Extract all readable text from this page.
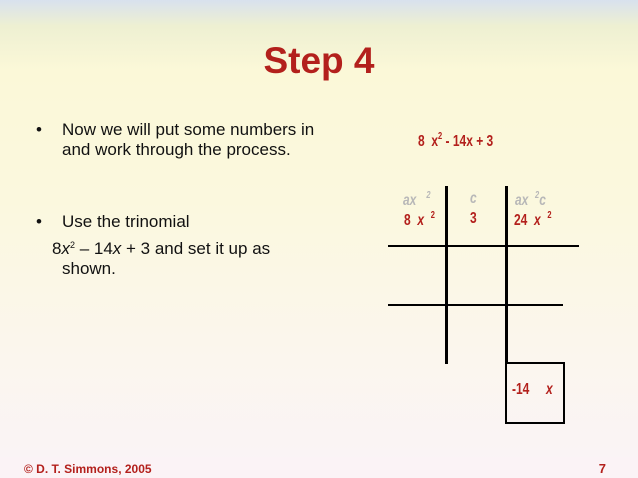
Step 4
• Now we will put some numbers in and work through the process.
• Use the trinomial
$8x^2 - 14x + 3$ and set it up as
shown.
8  $x^2 - 14x + 3$
ax $^2$ c ax $^2$c
8 x $^2$ 3 24 x $^2$
-14 x
© D. T. Simmons, 2005	7
